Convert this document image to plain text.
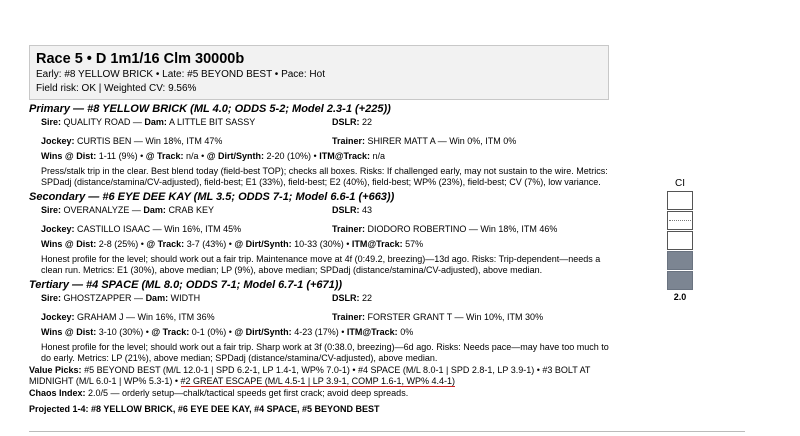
Race 5 • D 1m1/16 Clm 30000b
Early: #8 YELLOW BRICK • Late: #5 BEYOND BEST • Pace: Hot
Field risk: OK | Weighted CV: 9.56%
Primary — #8 YELLOW BRICK (ML 4.0; ODDS 5-2; Model 2.3-1 (+225))
Sire: QUALITY ROAD — Dam: A LITTLE BIT SASSY	DSLR: 22
Jockey: CURTIS BEN — Win 18%, ITM 47%	Trainer: SHIRER MATT A — Win 0%, ITM 0%
Wins @ Dist: 1-11 (9%) • @ Track: n/a • @ Dirt/Synth: 2-20 (10%) • ITM@Track: n/a
Press/stalk trip in the clear. Best blend today (field-best TOP); checks all boxes. Risks: If challenged early, may not sustain to the wire. Metrics: SPDadj (distance/stamina/CV-adjusted), field-best; E1 (33%), field-best; E2 (40%), field-best; WP% (23%), field-best; CV (7%), low variance.
Secondary — #6 EYE DEE KAY (ML 3.5; ODDS 7-1; Model 6.6-1 (+663))
Sire: OVERANALYZE — Dam: CRAB KEY	DSLR: 43
Jockey: CASTILLO ISAAC — Win 16%, ITM 45%	Trainer: DIODORO ROBERTINO — Win 18%, ITM 46%
Wins @ Dist: 2-8 (25%) • @ Track: 3-7 (43%) • @ Dirt/Synth: 10-33 (30%) • ITM@Track: 57%
Honest profile for the level; should work out a fair trip. Maintenance move at 4f (0:49.2, breezing)—13d ago. Risks: Trip-dependent—needs a clean run. Metrics: E1 (30%), above median; LP (9%), above median; SPDadj (distance/stamina/CV-adjusted), above median.
Tertiary — #4 SPACE (ML 8.0; ODDS 7-1; Model 6.7-1 (+671))
Sire: GHOSTZAPPER — Dam: WIDTH	DSLR: 22
Jockey: GRAHAM J — Win 16%, ITM 36%	Trainer: FORSTER GRANT T — Win 10%, ITM 30%
Wins @ Dist: 3-10 (30%) • @ Track: 0-1 (0%) • @ Dirt/Synth: 4-23 (17%) • ITM@Track: 0%
Honest profile for the level; should work out a fair trip. Sharp work at 3f (0:38.0, breezing)—6d ago. Risks: Needs pace—may have too much to do early. Metrics: LP (21%), above median; SPDadj (distance/stamina/CV-adjusted), above median.
Value Picks: #5 BEYOND BEST (M/L 12.0-1 | SPD 6.2-1, LP 1.4-1, WP% 7.0-1) • #4 SPACE (M/L 8.0-1 | SPD 2.8-1, LP 3.9-1) • #3 BOLT AT MIDNIGHT (M/L 6.0-1 | WP% 5.3-1) • #2 GREAT ESCAPE (M/L 4.5-1 | LP 3.9-1, COMP 1.6-1, WP% 4.4-1)
Chaos Index: 2.0/5 — orderly setup—chalk/tactical speeds get first crack; avoid deep spreads.
Projected 1-4: #8 YELLOW BRICK, #6 EYE DEE KAY, #4 SPACE, #5 BEYOND BEST
CI
2.0
